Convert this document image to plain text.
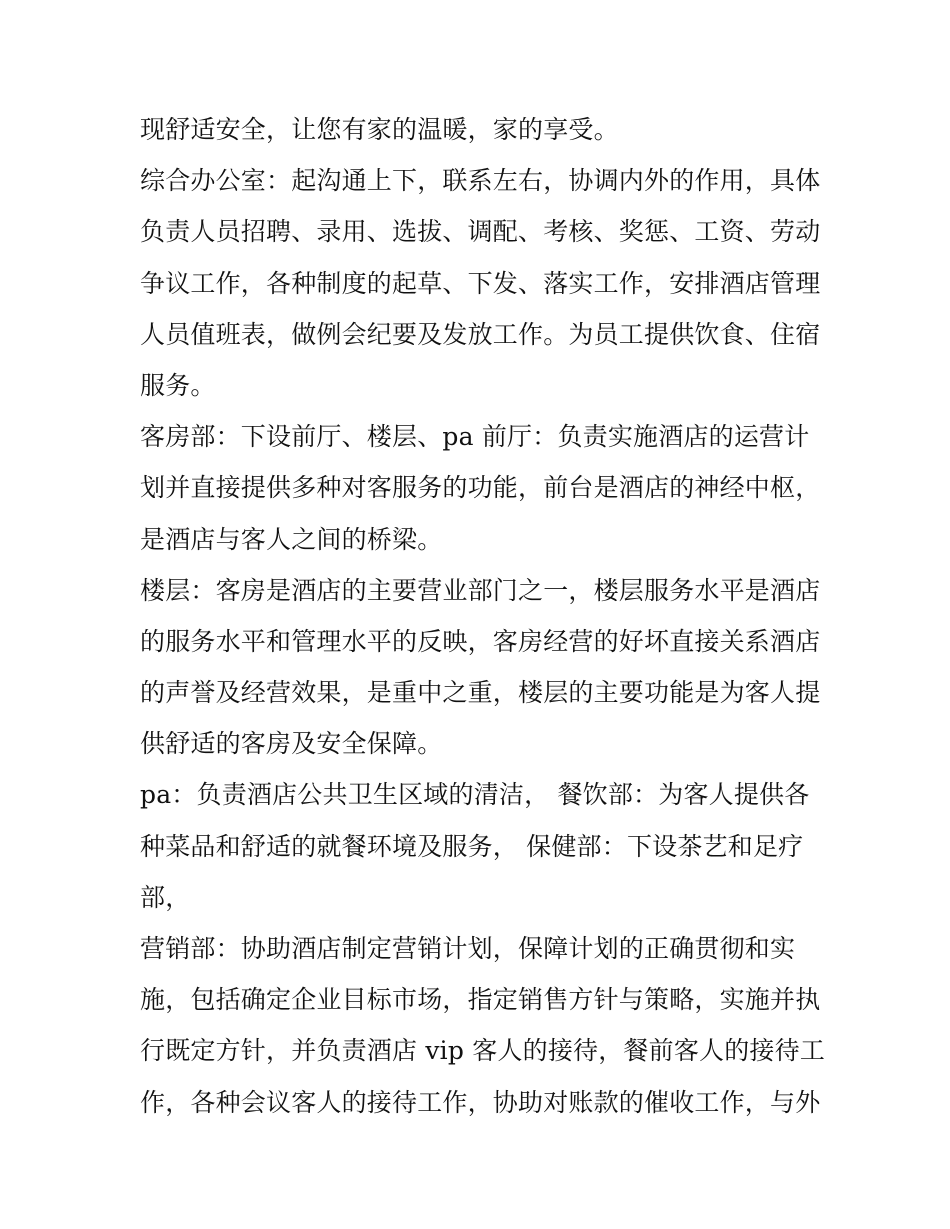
现舒适安全，让您有家的温暖，家的享受。
综合办公室：起沟通上下，联系左右，协调内外的作用，具体
负责人员招聘、录用、选拔、调配、考核、奖惩、工资、劳动
争议工作，各种制度的起草、下发、落实工作，安排酒店管理
人员值班表，做例会纪要及发放工作。为员工提供饮食、住宿
服务。
客房部：下设前厅、楼层、pa 前厅：负责实施酒店的运营计
划并直接提供多种对客服务的功能，前台是酒店的神经中枢，
是酒店与客人之间的桥梁。
楼层：客房是酒店的主要营业部门之一，楼层服务水平是酒店
的服务水平和管理水平的反映，客房经营的好坏直接关系酒店
的声誉及经营效果，是重中之重，楼层的主要功能是为客人提
供舒适的客房及安全保障。
pa：负责酒店公共卫生区域的清洁， 餐饮部：为客人提供各
种菜品和舒适的就餐环境及服务， 保健部：下设茶艺和足疗
部，
营销部：协助酒店制定营销计划，保障计划的正确贯彻和实
施，包括确定企业目标市场，指定销售方针与策略，实施并执
行既定方针，并负责酒店 vip 客人的接待，餐前客人的接待工
作，各种会议客人的接待工作，协助对账款的催收工作，与外
